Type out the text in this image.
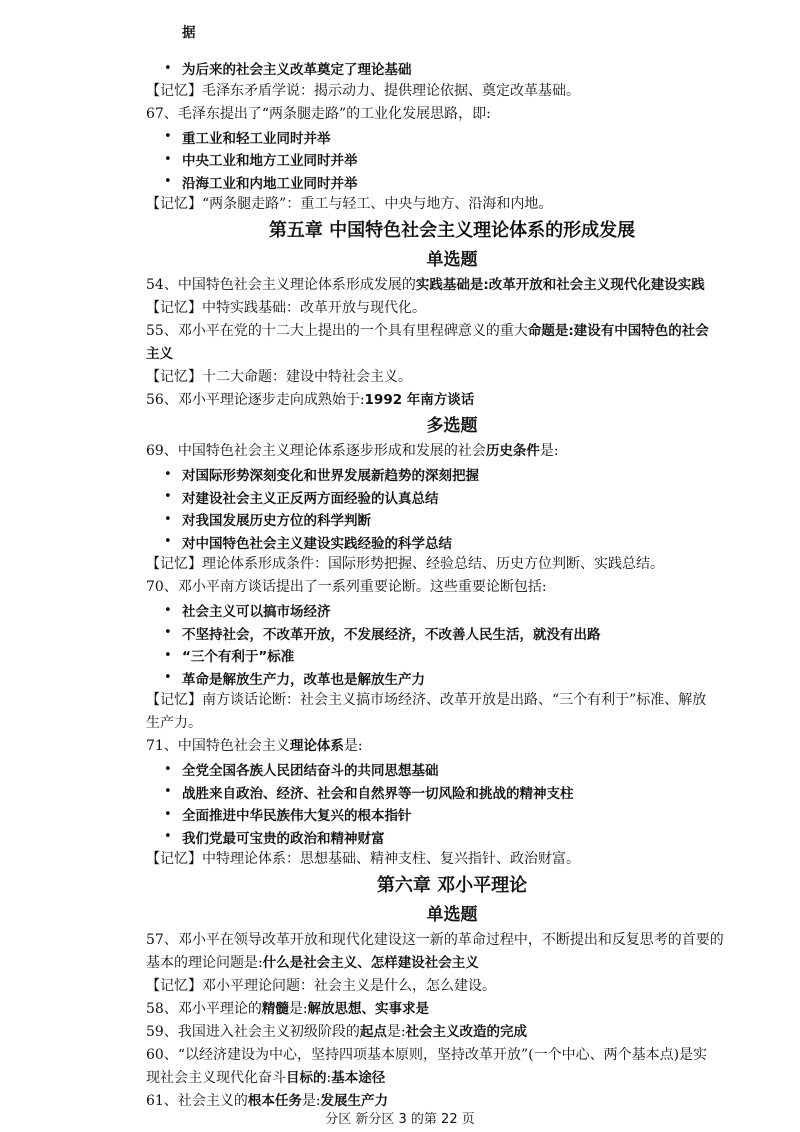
据

• 为后来的社会主义改革奠定了理论基础

【记忆】毛泽东矛盾学说：揭示动力、提供理论依据、奠定改革基础。

67、毛泽东提出了“两条腿走路”的工业化发展思路，即:

• 重工业和轻工业同时并举
• 中央工业和地方工业同时并举
• 沿海工业和内地工业同时并举

【记忆】“两条腿走路”：重工与轻工、中央与地方、沿海和内地。

第五章 中国特色社会主义理论体系的形成发展

单选题

54、中国特色社会主义理论体系形成发展的实践基础是:改革开放和社会主义现代化建设实践

【记忆】中特实践基础：改革开放与现代化。

55、邓小平在党的十二大上提出的一个具有里程碑意义的重大命题是:建设有中国特色的社会

主义

【记忆】十二大命题：建设中特社会主义。

56、邓小平理论逐步走向成熟始于:1992 年南方谈话

多选题

69、中国特色社会主义理论体系逐步形成和发展的社会历史条件是:

• 对国际形势深刻变化和世界发展新趋势的深刻把握
• 对建设社会主义正反两方面经验的认真总结
• 对我国发展历史方位的科学判断
• 对中国特色社会主义建设实践经验的科学总结

【记忆】理论体系形成条件：国际形势把握、经验总结、历史方位判断、实践总结。

70、邓小平南方谈话提出了一系列重要论断。这些重要论断包括:

• 社会主义可以搞市场经济
• 不坚持社会，不改革开放，不发展经济，不改善人民生活，就没有出路
• “三个有利于”标准
• 革命是解放生产力，改革也是解放生产力

【记忆】南方谈话论断：社会主义搞市场经济、改革开放是出路、“三个有利于”标准、解放

生产力。

71、中国特色社会主义理论体系是:

• 全党全国各族人民团结奋斗的共同思想基础
• 战胜来自政治、经济、社会和自然界等一切风险和挑战的精神支柱
• 全面推进中华民族伟大复兴的根本指针
• 我们党最可宝贵的政治和精神财富

【记忆】中特理论体系：思想基础、精神支柱、复兴指针、政治财富。

第六章 邓小平理论

单选题

57、邓小平在领导改革开放和现代化建设这一新的革命过程中，不断提出和反复思考的首要的

基本的理论问题是:什么是社会主义、怎样建设社会主义

【记忆】邓小平理论问题：社会主义是什么，怎么建设。

58、邓小平理论的精髓是:解放思想、实事求是

59、我国进入社会主义初级阶段的起点是:社会主义改造的完成

60、“以经济建设为中心，坚持四项基本原则，坚持改革开放”(一个中心、两个基本点)是实

现社会主义现代化奋斗目标的:基本途径

61、社会主义的根本任务是:发展生产力

分区 新分区 3 的第 22 页
